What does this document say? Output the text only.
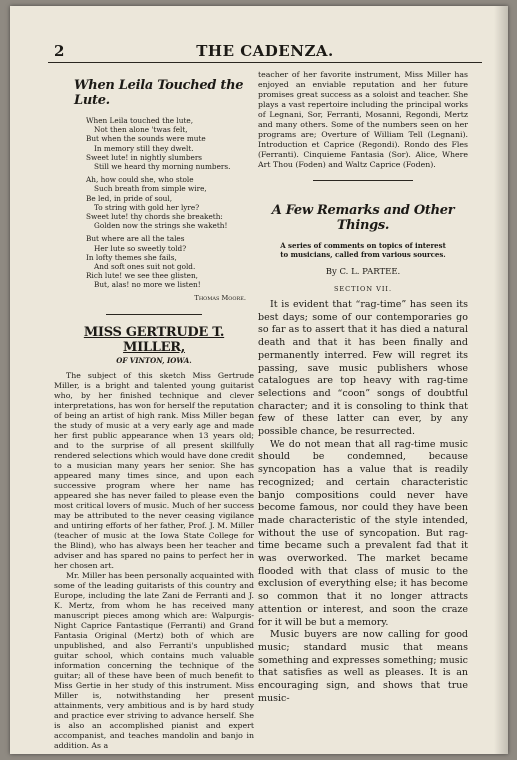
2	THE CADENZA.
When Leila Touched the Lute.
When Leila touched the lute,
Not then alone 'twas felt,
But when the sounds were mute
In memory still they dwelt.
Sweet lute! in nightly slumbers
Still we heard thy morning numbers.
Ah, how could she, who stole
Such breath from simple wire,
Be led, in pride of soul,
To string with gold her lyre?
Sweet lute! thy chords she breaketh:
Golden now the strings she waketh!
But where are all the tales
Her lute so sweetly told?
In lofty themes she fails,
And soft ones suit not gold.
Rich lute! we see thee glisten,
But, alas! no more we listen!
Thomas Moore.
MISS GERTRUDE T. MILLER,
OF VINTON, IOWA.

The subject of this sketch Miss Gertrude Miller, is a bright and talented young guitarist who, by her finished technique and clever interpretations, has won for herself the reputation of being an artist of high rank. Miss Miller began the study of music at a very early age and made her first public appearance when 13 years old; and to the surprise of all present skillfully rendered selections which would have done credit to a musician many years her senior. She has appeared many times since, and upon each successive program where her name has appeared she has never failed to please even the most critical lovers of music. Much of her success may be attributed to the never ceasing vigilance and untiring efforts of her father, Prof. J. M. Miller (teacher of music at the Iowa State College for the Blind), who has always been her teacher and adviser and has spared no pains to perfect her in her chosen art.

Mr. Miller has been personally acquainted with some of the leading guitarists of this country and Europe, including the late Zani de Ferranti and J. K. Mertz, from whom he has received many manuscript pieces among which are: Walpurgis-Night Caprice Fantastique (Ferranti) and Grand Fantasia Original (Mertz) both of which are unpublished, and also Ferranti's unpublished guitar school, which contains much valuable information concerning the technique of the guitar; all of these have been of much benefit to Miss Gertie in her study of this instrument. Miss Miller is, notwithstanding her present attainments, very ambitious and is by hard study and practice ever striving to advance herself. She is also an accomplished pianist and expert accompanist, and teaches mandolin and banjo in addition. As a

teacher of her favorite instrument, Miss Miller has enjoyed an enviable reputation and her future promises great success as a soloist and teacher. She plays a vast repertoire including the principal works of Legnani, Sor, Ferranti, Mosanni, Regondi, Mertz and many others. Some of the numbers seen on her programs are; Overture of William Tell (Legnani). Introduction et Caprice (Regondi). Rondo des Fles (Ferranti). Cinquieme Fantasia (Sor). Alice, Where Art Thou (Foden) and Waltz Caprice (Foden).

A Few Remarks and Other Things.
A series of comments on topics of interest to musicians, called from various sources.
By C. L. PARTEE.
SECTION VII.

It is evident that “rag-time” has seen its best days; some of our contemporaries go so far as to assert that it has died a natural death and that it has been finally and permanently interred. Few will regret its passing, save music publishers whose catalogues are top heavy with rag-time selections and “coon” songs of doubtful character; and it is consoling to think that few of these latter can ever, by any possible chance, be resurrected.

We do not mean that all rag-time music should be condemned, because syncopation has a value that is readily recognized; and certain characteristic banjo compositions could never have become famous, nor could they have been made characteristic of the style intended, without the use of syncopation. But rag-time became such a prevalent fad that it was overworked. The market became flooded with that class of music to the exclusion of everything else; it has become so common that it no longer attracts attention or interest, and soon the craze for it will be but a memory.

Music buyers are now calling for good music; standard music that means something and expresses something; music that satisfies as well as pleases. It is an encouraging sign, and shows that true music-
